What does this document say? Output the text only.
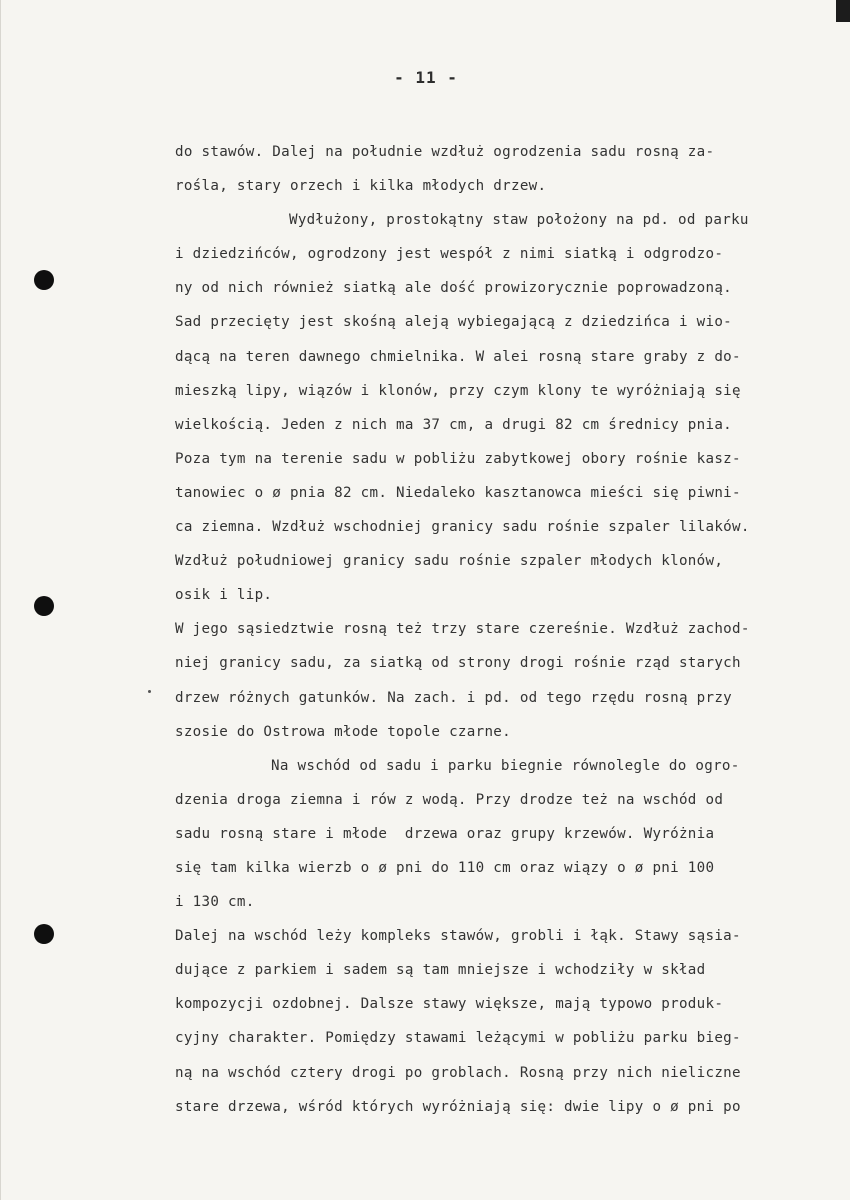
- 11 -
do stawów. Dalej na południe wzdłuż ogrodzenia sadu rosną za-
rośla, stary orzech i kilka młodych drzew.
Wydłużony, prostokątny staw położony na pd. od parku
i dziedzińców, ogrodzony jest wespół z nimi siatką i odgrodzo-
ny od nich również siatką ale dość prowizorycznie poprowadzoną.
Sad przecięty jest skośną aleją wybiegającą z dziedzińca i wio-
dącą na teren dawnego chmielnika. W alei rosną stare graby z do-
mieszką lipy, wiązów i klonów, przy czym klony te wyróżniają się
wielkością. Jeden z nich ma 37 cm, a drugi 82 cm średnicy pnia.
Poza tym na terenie sadu w pobliżu zabytkowej obory rośnie kasz-
tanowiec o ø pnia 82 cm. Niedaleko kasztanowca mieści się piwni-
ca ziemna. Wzdłuż wschodniej granicy sadu rośnie szpaler lilaków.
Wzdłuż południowej granicy sadu rośnie szpaler młodych klonów,
osik i lip.
W jego sąsiedztwie rosną też trzy stare czereśnie. Wzdłuż zachod-
niej granicy sadu, za siatką od strony drogi rośnie rząd starych
drzew różnych gatunków. Na zach. i pd. od tego rzędu rosną przy
szosie do Ostrowa młode topole czarne.
Na wschód od sadu i parku biegnie równolegle do ogro-
dzenia droga ziemna i rów z wodą. Przy drodze też na wschód od
sadu rosną stare i młode  drzewa oraz grupy krzewów. Wyróżnia
się tam kilka wierzb o ø pni do 110 cm oraz wiązy o ø pni 100
i 130 cm.
Dalej na wschód leży kompleks stawów, grobli i łąk. Stawy sąsia-
dujące z parkiem i sadem są tam mniejsze i wchodziły w skład
kompozycji ozdobnej. Dalsze stawy większe, mają typowo produk-
cyjny charakter. Pomiędzy stawami leżącymi w pobliżu parku bieg-
ną na wschód cztery drogi po groblach. Rosną przy nich nieliczne
stare drzewa, wśród których wyróżniają się: dwie lipy o ø pni po
